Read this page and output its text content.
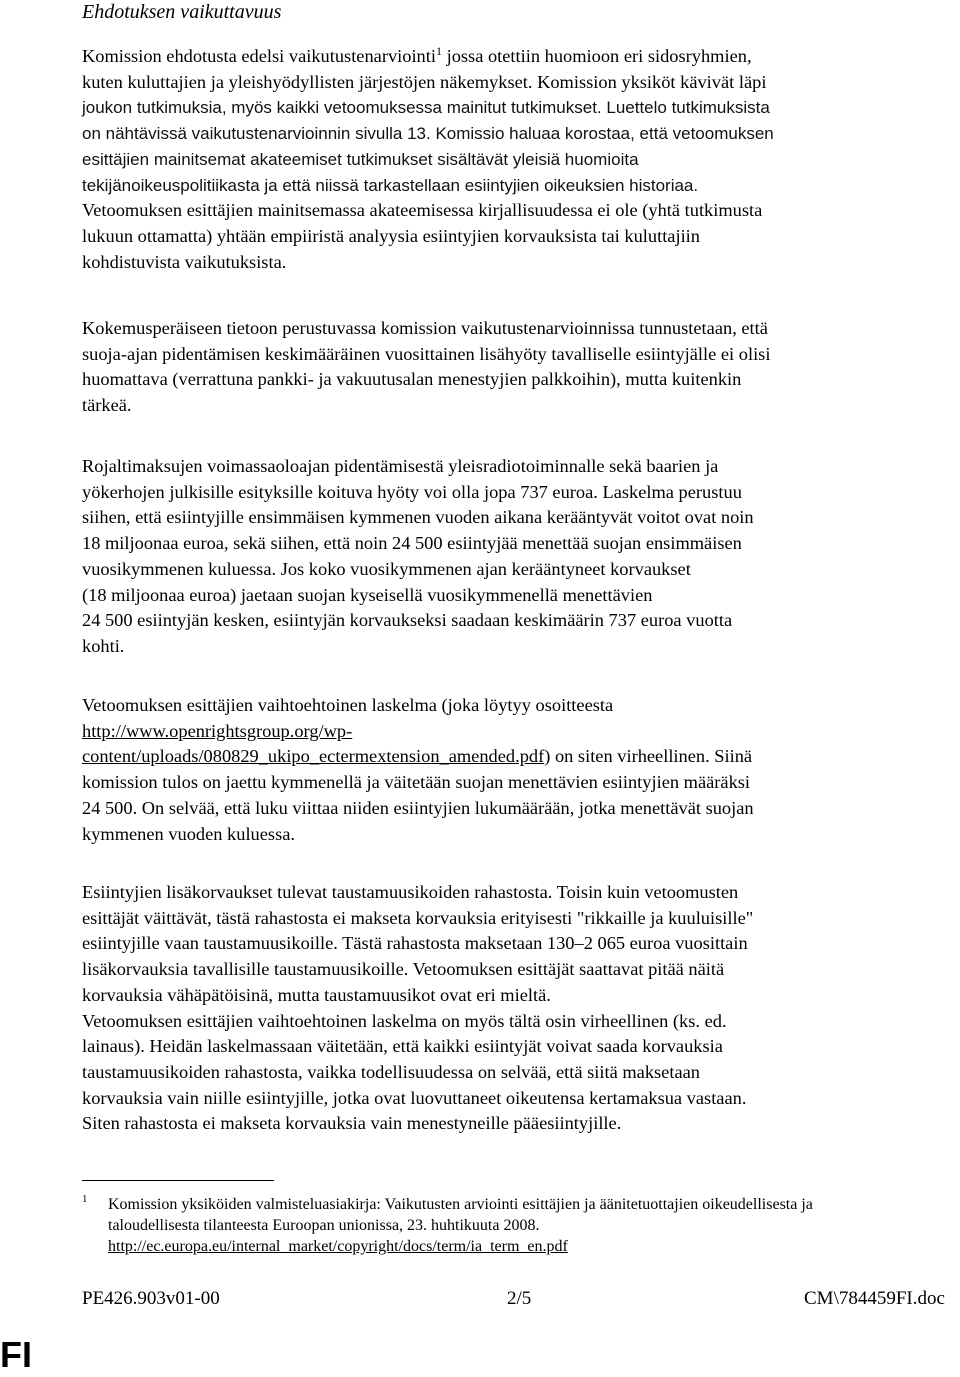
Ehdotuksen vaikuttavuus
Komission ehdotusta edelsi vaikutustenarviointi$^1$ jossa otettiin huomioon eri sidosryhmien,
kuten kuluttajien ja yleishyödyllisten järjestöjen näkemykset. Komission yksiköt kävivät läpi
joukon tutkimuksia, myös kaikki vetoomuksessa mainitut tutkimukset. Luettelo tutkimuksista
on nähtävissä vaikutustenarvioinnin sivulla 13. Komissio haluaa korostaa, että vetoomuksen
esittäjien mainitsemat akateemiset tutkimukset sisältävät yleisiä huomioita
tekijänoikeuspolitiikasta ja että niissä tarkastellaan esiintyjien oikeuksien historiaa.
Vetoomuksen esittäjien mainitsemassa akateemisessa kirjallisuudessa ei ole (yhtä tutkimusta
lukuun ottamatta) yhtään empiiristä analyysia esiintyjien korvauksista tai kuluttajiin
kohdistuvista vaikutuksista.
Kokemusperäiseen tietoon perustuvassa komission vaikutustenarvioinnissa tunnustetaan, että
suoja-ajan pidentämisen keskimääräinen vuosittainen lisähyöty tavalliselle esiintyjälle ei olisi
huomattava (verrattuna pankki- ja vakuutusalan menestyjien palkkoihin), mutta kuitenkin
tärkeä.
Rojaltimaksujen voimassaoloajan pidentämisestä yleisradiotoiminnalle sekä baarien ja
yökerhojen julkisille esityksille koituva hyöty voi olla jopa 737 euroa. Laskelma perustuu
siihen, että esiintyjille ensimmäisen kymmenen vuoden aikana kerääntyvät voitot ovat noin
18 miljoonaa euroa, sekä siihen, että noin 24 500 esiintyjää menettää suojan ensimmäisen
vuosikymmenen kuluessa. Jos koko vuosikymmenen ajan kerääntyneet korvaukset
(18 miljoonaa euroa) jaetaan suojan kyseisellä vuosikymmenellä menettävien
24 500 esiintyjän kesken, esiintyjän korvaukseksi saadaan keskimäärin 737 euroa vuotta
kohti.
Vetoomuksen esittäjien vaihtoehtoinen laskelma (joka löytyy osoitteesta
http://www.openrightsgroup.org/wp-
content/uploads/080829_ukipo_ectermextension_amended.pdf) on siten virheellinen. Siinä
komission tulos on jaettu kymmenellä ja väitetään suojan menettävien esiintyjien määräksi
24 500. On selvää, että luku viittaa niiden esiintyjien lukumäärään, jotka menettävät suojan
kymmenen vuoden kuluessa.
Esiintyjien lisäkorvaukset tulevat taustamuusikoiden rahastosta. Toisin kuin vetoomusten
esittäjät väittävät, tästä rahastosta ei makseta korvauksia erityisesti "rikkaille ja kuuluisille"
esiintyjille vaan taustamuusikoille. Tästä rahastosta maksetaan 130–2 065 euroa vuosittain
lisäkorvauksia tavallisille taustamuusikoille. Vetoomuksen esittäjät saattavat pitää näitä
korvauksia vähäpätöisinä, mutta taustamuusikot ovat eri mieltä.
Vetoomuksen esittäjien vaihtoehtoinen laskelma on myös tältä osin virheellinen (ks. ed.
lainaus). Heidän laskelmassaan väitetään, että kaikki esiintyjät voivat saada korvauksia
taustamuusikoiden rahastosta, vaikka todellisuudessa on selvää, että siitä maksetaan
korvauksia vain niille esiintyjille, jotka ovat luovuttaneet oikeutensa kertamaksua vastaan.
Siten rahastosta ei makseta korvauksia vain menestyneille pääesiintyjille.
1	Komission yksiköiden valmisteluasiakirja: Vaikutusten arviointi esittäjien ja äänitetuottajien oikeudellisesta ja
taloudellisesta tilanteesta Euroopan unionissa, 23. huhtikuuta 2008.
http://ec.europa.eu/internal_market/copyright/docs/term/ia_term_en.pdf
PE426.903v01-00	2/5	CM\784459FI.doc
FI
